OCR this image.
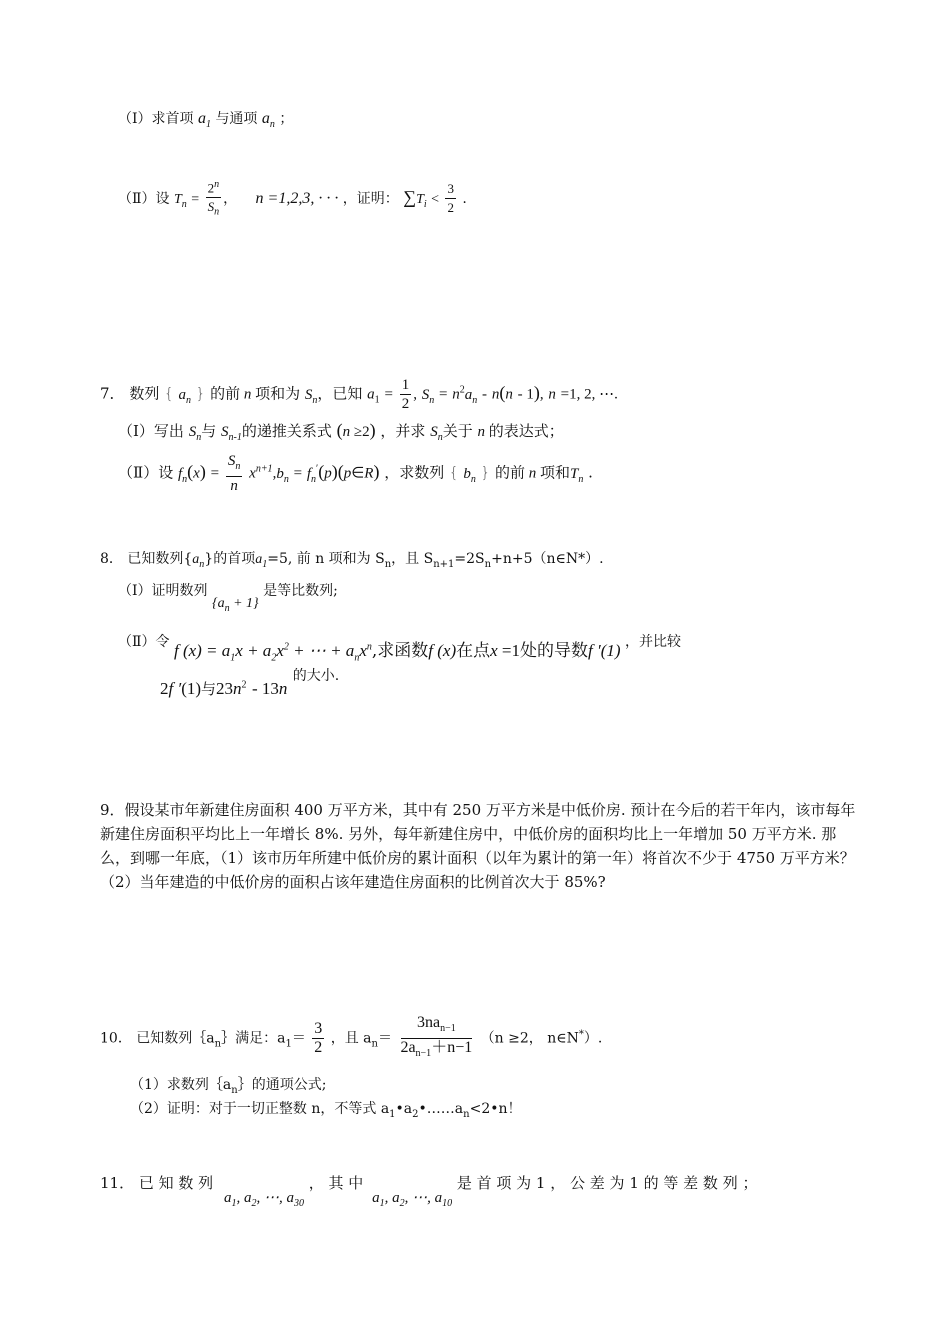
（Ⅰ）求首项 $a_1$ 与通项 $a_n$ ；
（Ⅱ）设 $T_n = \frac{2^n}{S_n}$ ， n =1,2,3, · · · ，证明： $\sum T_i < \frac{3}{2}$ .
7． 数列 { $a_n$ } 的前 n 项和为 $S_n$，已知 $a_1 = \frac{1}{2}$ , $S_n = n^2a_n - n(n - 1)$, n =1, 2, ⋯.
（Ⅰ）写出 $S_n$与 $S_{n-1}$的递推关系式 (n ≥2) ，并求 $S_n$关于 n 的表达式；
（Ⅱ）设 $f_n(x) = \frac{S_n}{n} x^{n+1},b_n$ = $f_n'(p)(p\in R)$ ，求数列 { $b_n$ } 的前 n 项和$T_n$ .
8． 已知数列$\{a_n\}$的首项$a_1=5$, 前 n 项和为 $S_n$，且 $S_{n+1}=2S_n+n+5(n\in N*)$.
（Ⅰ）证明数列 $\{a_n + 1\}$ 是等比数列;
（Ⅱ）令 f $(x) = a_1x + a_2x^2$ + ⋯ + $a_nx^n$,求函数f (x)在点x =1处的导数f ′(1) ，并比较
2f ′(1)与$23n^2 - 13n$ $^{的大小.}$
9．假设某市年新建住房面积 400 万平方米，其中有 250 万平方米是中低价房. 预计在今后的若干年内，该市每年新建住房面积平均比上一年增长 8%. 另外，每年新建住房中，中低价房的面积均比上一年增加 50 万平方米. 那么，到哪一年底，（1）该市历年所建中低价房的累计面积（以年为累计的第一年）将首次不少于 4750 万平方米？（2）当年建造的中低价房的面积占该年建造住房面积的比例首次大于 85%?
10． 已知数列$\{a_n\}$满足：$a_1= \frac{3}{2}$ ，且 $a_n= \frac{3na_{n-1}}{2a_{n-1}+n-1} (n \ge 2$， n∈N*）.
（1）求数列$\{a_n\}$的通项公式;
（2）证明：对于一切正整数 n，不等式 $a_1•a_2•\dots\dots a_n<2•n$！
11． 已 知 数 列 $a_1$, $a_2$, ⋯, $a_{30}$ ， 其 中 $a_1$, $a_2$, ⋯, $a_{10}$ 是 首 项 为 1 ， 公 差 为 1 的 等 差 数 列 ；
